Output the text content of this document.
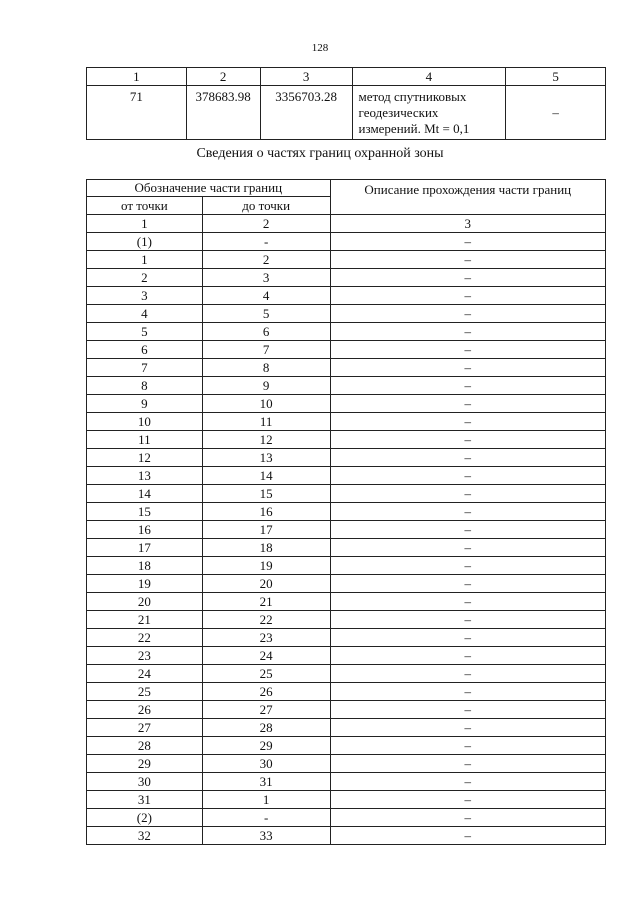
128
1	2	3	4	5
71	378683.98	3356703.28	метод спутниковых
геодезических
измерений. Mt = 0,1	–
Сведения о частях границ охранной зоны
Обозначение части границ		Описание прохождения части границ
от точки	до точки	
1	2	3
(1)	-	–
1	2	–
2	3	–
3	4	–
4	5	–
5	6	–
6	7	–
7	8	–
8	9	–
9	10	–
10	11	–
11	12	–
12	13	–
13	14	–
14	15	–
15	16	–
16	17	–
17	18	–
18	19	–
19	20	–
20	21	–
21	22	–
22	23	–
23	24	–
24	25	–
25	26	–
26	27	–
27	28	–
28	29	–
29	30	–
30	31	–
31	1	–
(2)	-	–
32	33	–
